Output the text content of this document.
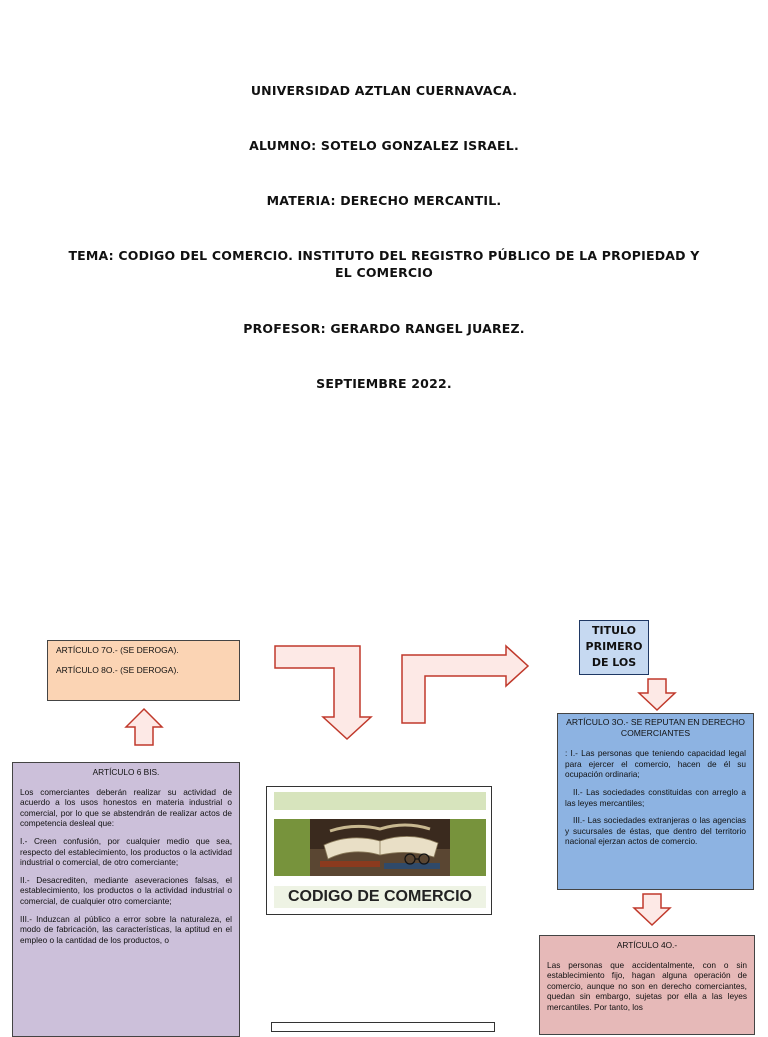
UNIVERSIDAD AZTLAN CUERNAVACA.
ALUMNO: SOTELO GONZALEZ ISRAEL.
MATERIA: DERECHO MERCANTIL.
TEMA: CODIGO DEL COMERCIO. INSTITUTO DEL REGISTRO PÚBLICO DE LA PROPIEDAD Y EL COMERCIO
PROFESOR: GERARDO RANGEL JUAREZ.
SEPTIEMBRE 2022.
ARTÍCULO 7O.- (SE DEROGA).
ARTÍCULO 8O.- (SE DEROGA).
ARTÍCULO 6 BIS.
Los comerciantes deberán realizar su actividad de acuerdo a los usos honestos en materia industrial o comercial, por lo que se abstendrán de realizar actos de competencia desleal que:
I.- Creen confusión, por cualquier medio que sea, respecto del establecimiento, los productos o la actividad industrial o comercial, de otro comerciante;
II.- Desacrediten, mediante aseveraciones falsas, el establecimiento, los productos o la actividad industrial o comercial, de cualquier otro comerciante;
III.- Induzcan al público a error sobre la naturaleza, el modo de fabricación, las características, la aptitud en el empleo o la cantidad de los productos, o
CODIGO DE COMERCIO
TITULO
PRIMERO
DE LOS
ARTÍCULO 3O.- SE REPUTAN EN DERECHO COMERCIANTES
: I.- Las personas que teniendo capacidad legal para ejercer el comercio, hacen de él su ocupación ordinaria;
II.- Las sociedades constituidas con arreglo a las leyes mercantiles;
III.- Las sociedades extranjeras o las agencias y sucursales de éstas, que dentro del territorio nacional ejerzan actos de comercio.
ARTÍCULO 4O.-
Las personas que accidentalmente, con o sin establecimiento fijo, hagan alguna operación de comercio, aunque no son en derecho comerciantes, quedan sin embargo, sujetas por ella a las leyes mercantiles. Por tanto, los
